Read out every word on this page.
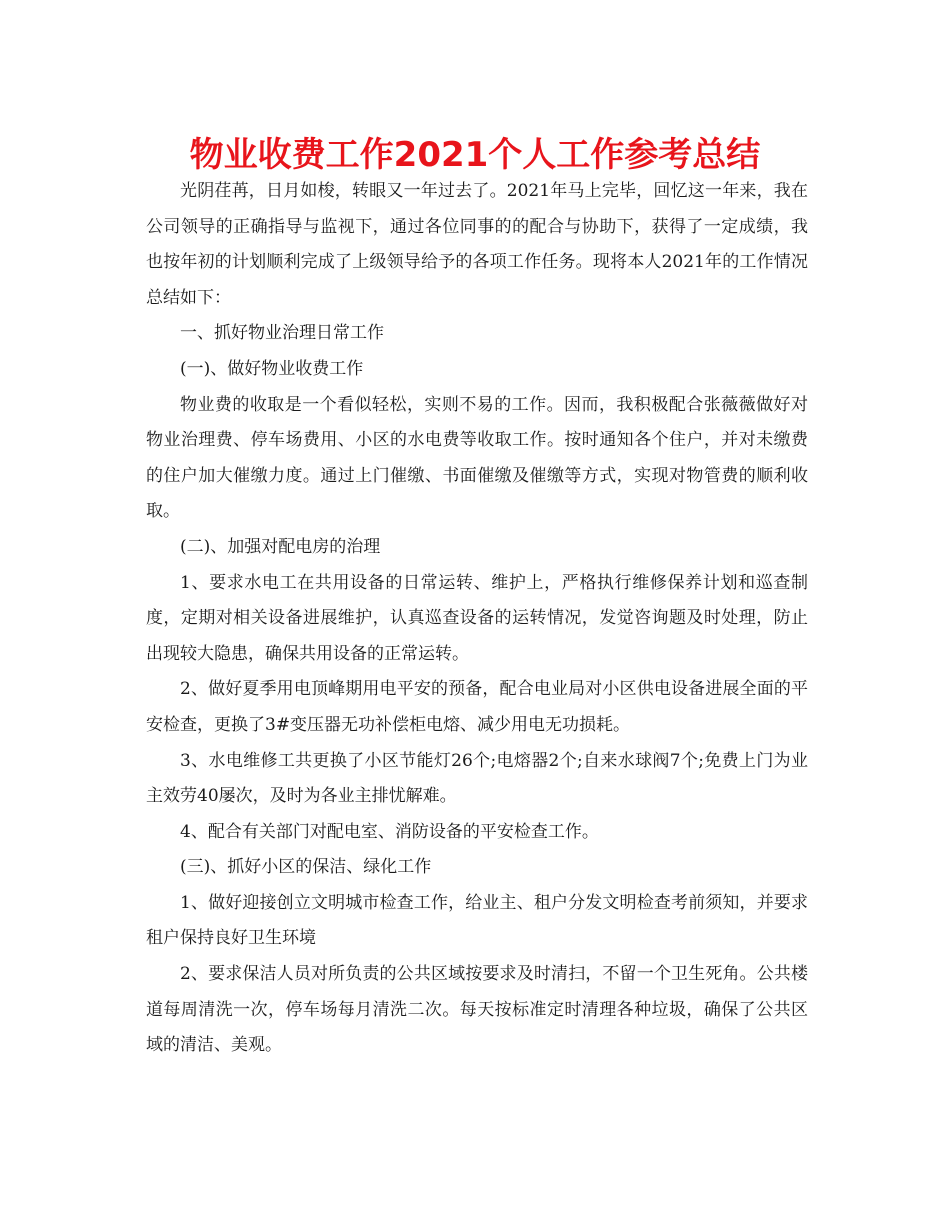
物业收费工作2021个人工作参考总结

光阴荏苒，日月如梭，转眼又一年过去了。2021年马上完毕，回忆这一年来，我在公司领导的正确指导与监视下，通过各位同事的的配合与协助下，获得了一定成绩，我也按年初的计划顺利完成了上级领导给予的各项工作任务。现将本人2021年的工作情况总结如下：

一、抓好物业治理日常工作

(一)、做好物业收费工作

物业费的收取是一个看似轻松，实则不易的工作。因而，我积极配合张薇薇做好对物业治理费、停车场费用、小区的水电费等收取工作。按时通知各个住户，并对未缴费的住户加大催缴力度。通过上门催缴、书面催缴及催缴等方式，实现对物管费的顺利收取。

(二)、加强对配电房的治理

1、要求水电工在共用设备的日常运转、维护上，严格执行维修保养计划和巡查制度，定期对相关设备进展维护，认真巡查设备的运转情况，发觉咨询题及时处理，防止出现较大隐患，确保共用设备的正常运转。

2、做好夏季用电顶峰期用电平安的预备，配合电业局对小区供电设备进展全面的平安检查，更换了3#变压器无功补偿柜电熔、减少用电无功损耗。

3、水电维修工共更换了小区节能灯26个;电熔器2个;自来水球阀7个;免费上门为业主效劳40屡次，及时为各业主排忧解难。

4、配合有关部门对配电室、消防设备的平安检查工作。

(三)、抓好小区的保洁、绿化工作

1、做好迎接创立文明城市检查工作，给业主、租户分发文明检查考前须知，并要求租户保持良好卫生环境

2、要求保洁人员对所负责的公共区域按要求及时清扫，不留一个卫生死角。公共楼道每周清洗一次，停车场每月清洗二次。每天按标准定时清理各种垃圾，确保了公共区域的清洁、美观。
